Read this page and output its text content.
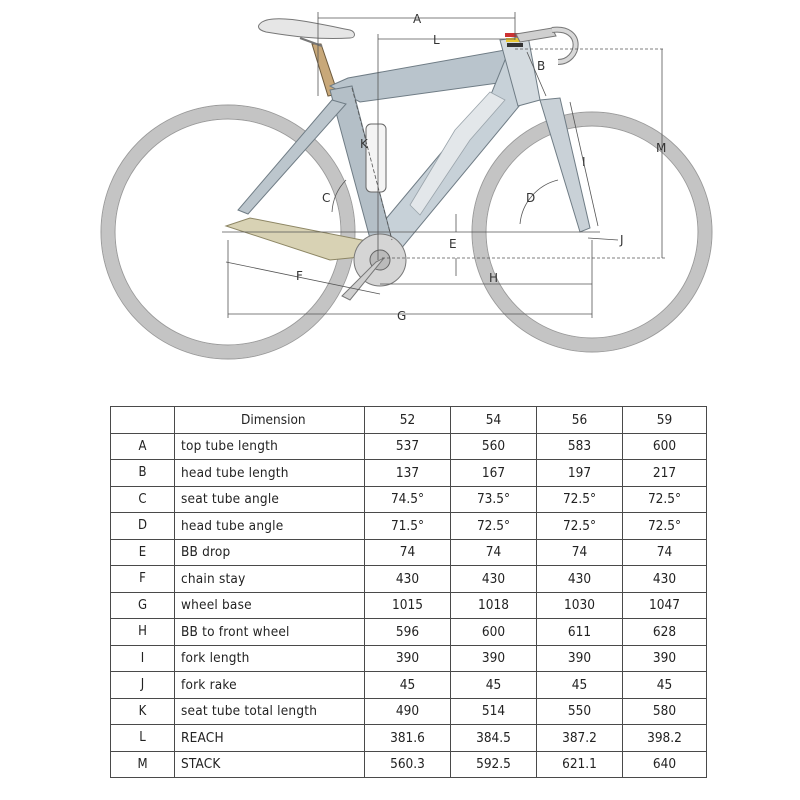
A
L
B
M
K
I
C	D
E	J
F	H
G
	Dimension	52	54	56	59
A	top tube length	537	560	583	600
B	head tube length	137	167	197	217
C	seat tube angle	74.5°	73.5°	72.5°	72.5°
D	head tube angle	71.5°	72.5°	72.5°	72.5°
E	BB drop	74	74	74	74
F	chain stay	430	430	430	430
G	wheel base	1015	1018	1030	1047
H	BB to front wheel	596	600	611	628
I	fork length	390	390	390	390
J	fork rake	45	45	45	45
K	seat tube total length	490	514	550	580
L	REACH	381.6	384.5	387.2	398.2
M	STACK	560.3	592.5	621.1	640
